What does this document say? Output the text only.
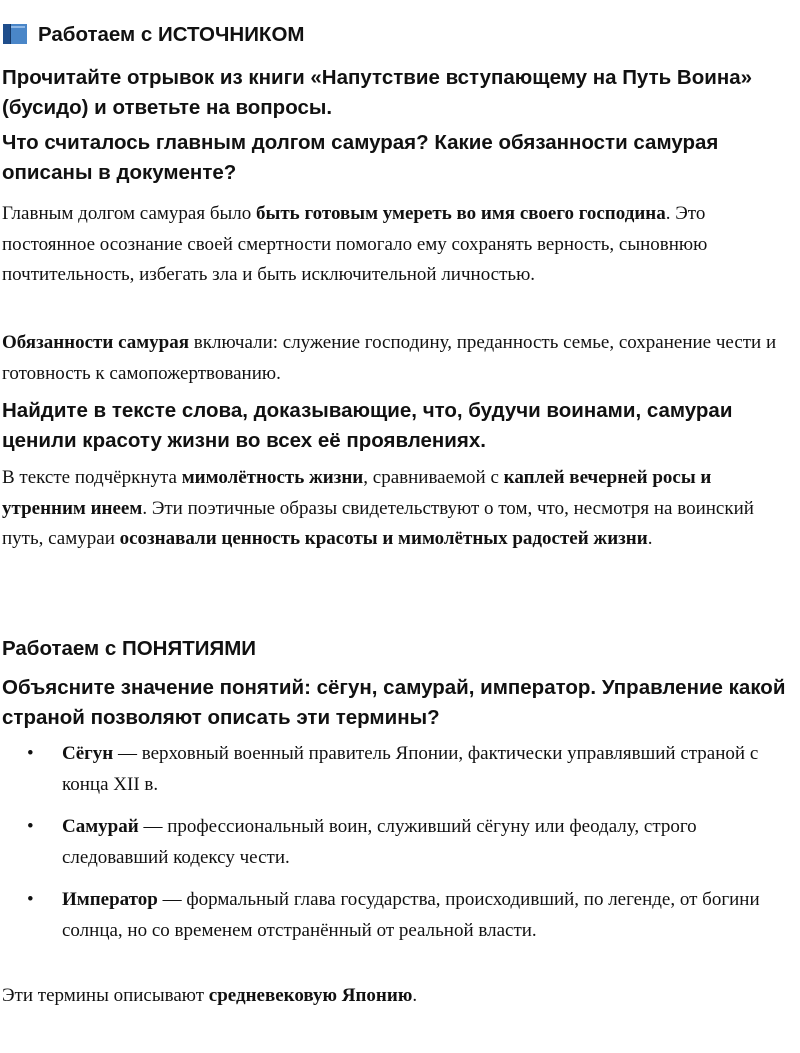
Работаем с ИСТОЧНИКОМ
Прочитайте отрывок из книги «Напутствие вступающему на Путь Воина» (бусидо) и ответьте на вопросы.
Что считалось главным долгом самурая? Какие обязанности самурая описаны в документе?
Главным долгом самурая было быть готовым умереть во имя своего господина. Это постоянное осознание своей смертности помогало ему сохранять верность, сыновнюю почтительность, избегать зла и быть исключительной личностью.
Обязанности самурая включали: служение господину, преданность семье, сохранение чести и готовность к самопожертвованию.
Найдите в тексте слова, доказывающие, что, будучи воинами, самураи ценили красоту жизни во всех её проявлениях.
В тексте подчёркнута мимолётность жизни, сравниваемой с каплей вечерней росы и утренним инеем. Эти поэтичные образы свидетельствуют о том, что, несмотря на воинский путь, самураи осознавали ценность красоты и мимолётных радостей жизни.
Работаем с ПОНЯТИЯМИ
Объясните значение понятий: сёгун, самурай, император. Управление какой страной позволяют описать эти термины?
• Сёгун — верховный военный правитель Японии, фактически управлявший страной с конца XII в.
• Самурай — профессиональный воин, служивший сёгуну или феодалу, строго следовавший кодексу чести.
• Император — формальный глава государства, происходивший, по легенде, от богини солнца, но со временем отстранённый от реальной власти.
Эти термины описывают средневековую Японию.
